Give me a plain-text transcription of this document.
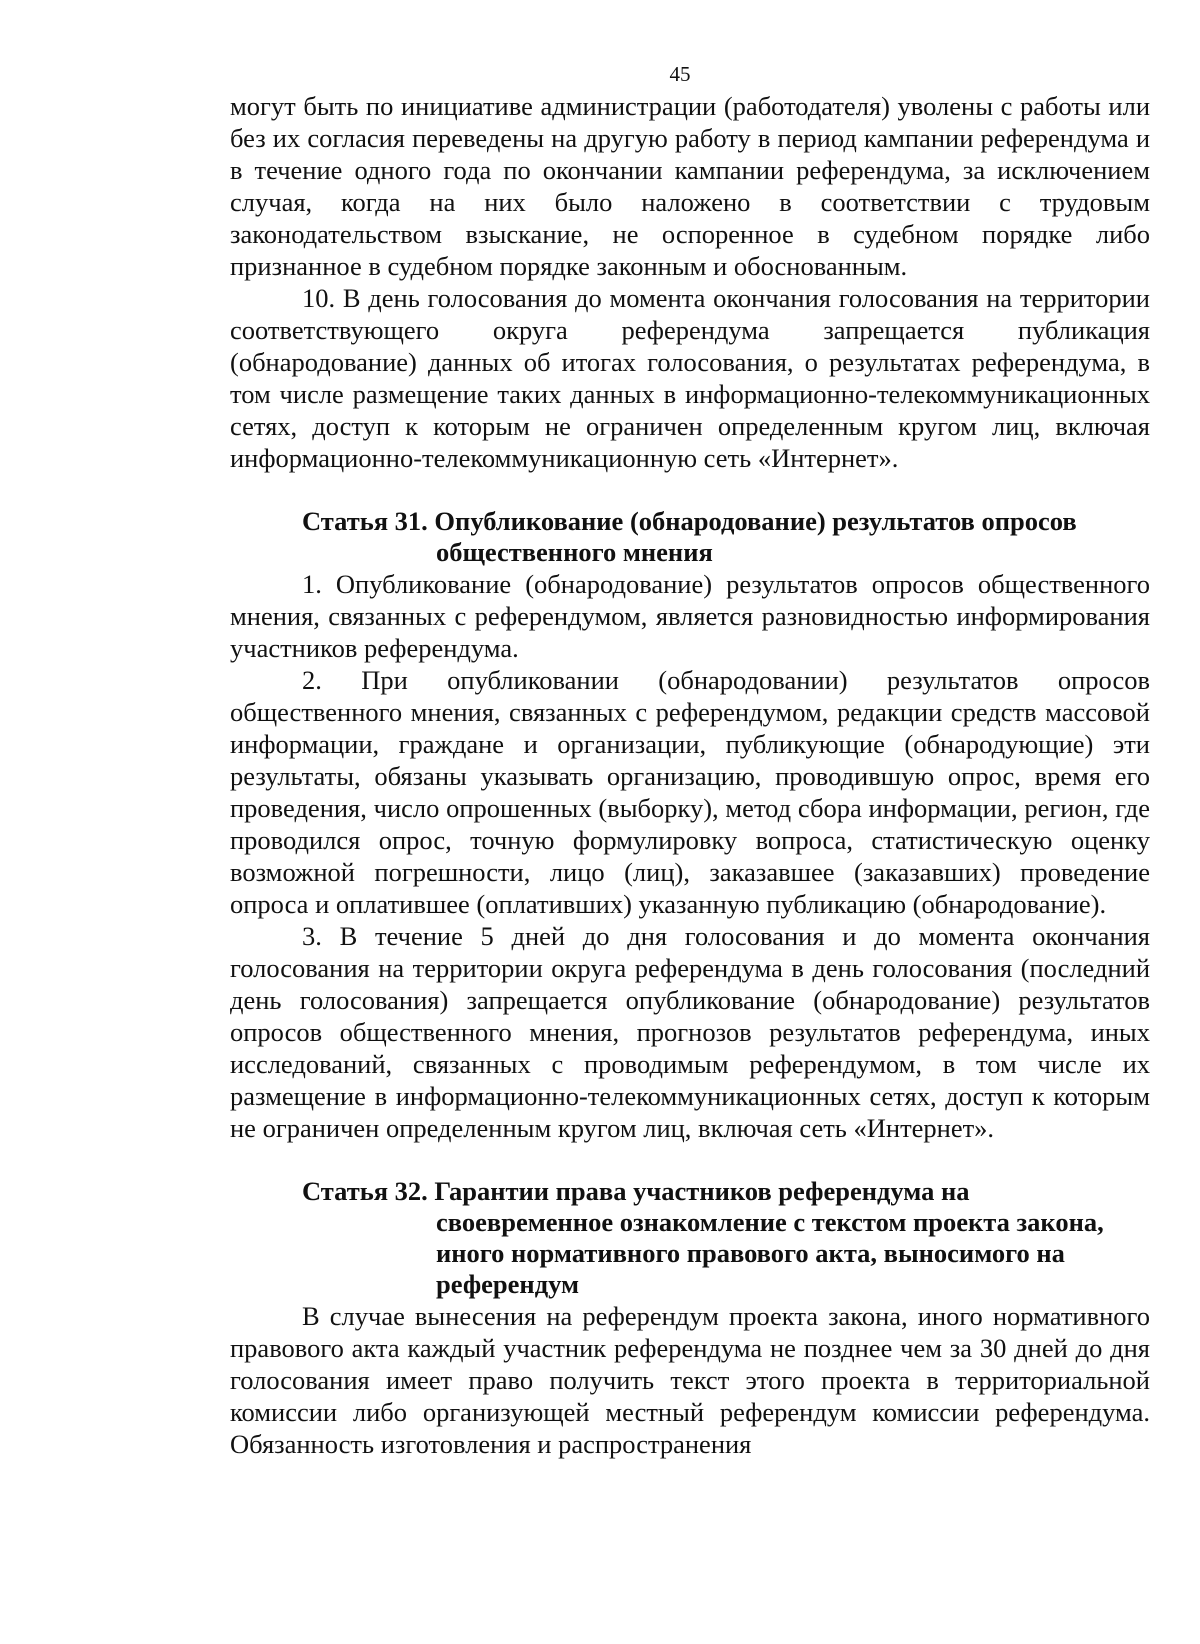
45

могут быть по инициативе администрации (работодателя) уволены с работы или без их согласия переведены на другую работу в период кампании референдума и в течение одного года по окончании кампании референдума, за исключением случая, когда на них было наложено в соответствии с трудовым законодательством взыскание, не оспоренное в судебном порядке либо признанное в судебном порядке законным и обоснованным.

10. В день голосования до момента окончания голосования на территории соответствующего округа референдума запрещается публикация (обнародование) данных об итогах голосования, о результатах референдума, в том числе размещение таких данных в информационно-телекоммуникационных сетях, доступ к которым не ограничен определенным кругом лиц, включая информационно-телекоммуникационную сеть «Интернет».

Статья 31. Опубликование (обнародование) результатов опросов

общественного мнения

1. Опубликование (обнародование) результатов опросов общественного мнения, связанных с референдумом, является разновидностью информирования участников референдума.

2. При опубликовании (обнародовании) результатов опросов общественного мнения, связанных с референдумом, редакции средств массовой информации, граждане и организации, публикующие (обнародующие) эти результаты, обязаны указывать организацию, проводившую опрос, время его проведения, число опрошенных (выборку), метод сбора информации, регион, где проводился опрос, точную формулировку вопроса, статистическую оценку возможной погрешности, лицо (лиц), заказавшее (заказавших) проведение опроса и оплатившее (оплативших) указанную публикацию (обнародование).

3. В течение 5 дней до дня голосования и до момента окончания голосования на территории округа референдума в день голосования (последний день голосования) запрещается опубликование (обнародование) результатов опросов общественного мнения, прогнозов результатов референдума, иных исследований, связанных с проводимым референдумом, в том числе их размещение в информационно-телекоммуникационных сетях, доступ к которым не ограничен определенным кругом лиц, включая сеть «Интернет».

Статья 32. Гарантии права участников референдума на

своевременное ознакомление с текстом проекта закона,

иного нормативного правового акта, выносимого на

референдум

В случае вынесения на референдум проекта закона, иного нормативного правового акта каждый участник референдума не позднее чем за 30 дней до дня голосования имеет право получить текст этого проекта в территориальной комиссии либо организующей местный референдум комиссии референдума. Обязанность изготовления и распространения
